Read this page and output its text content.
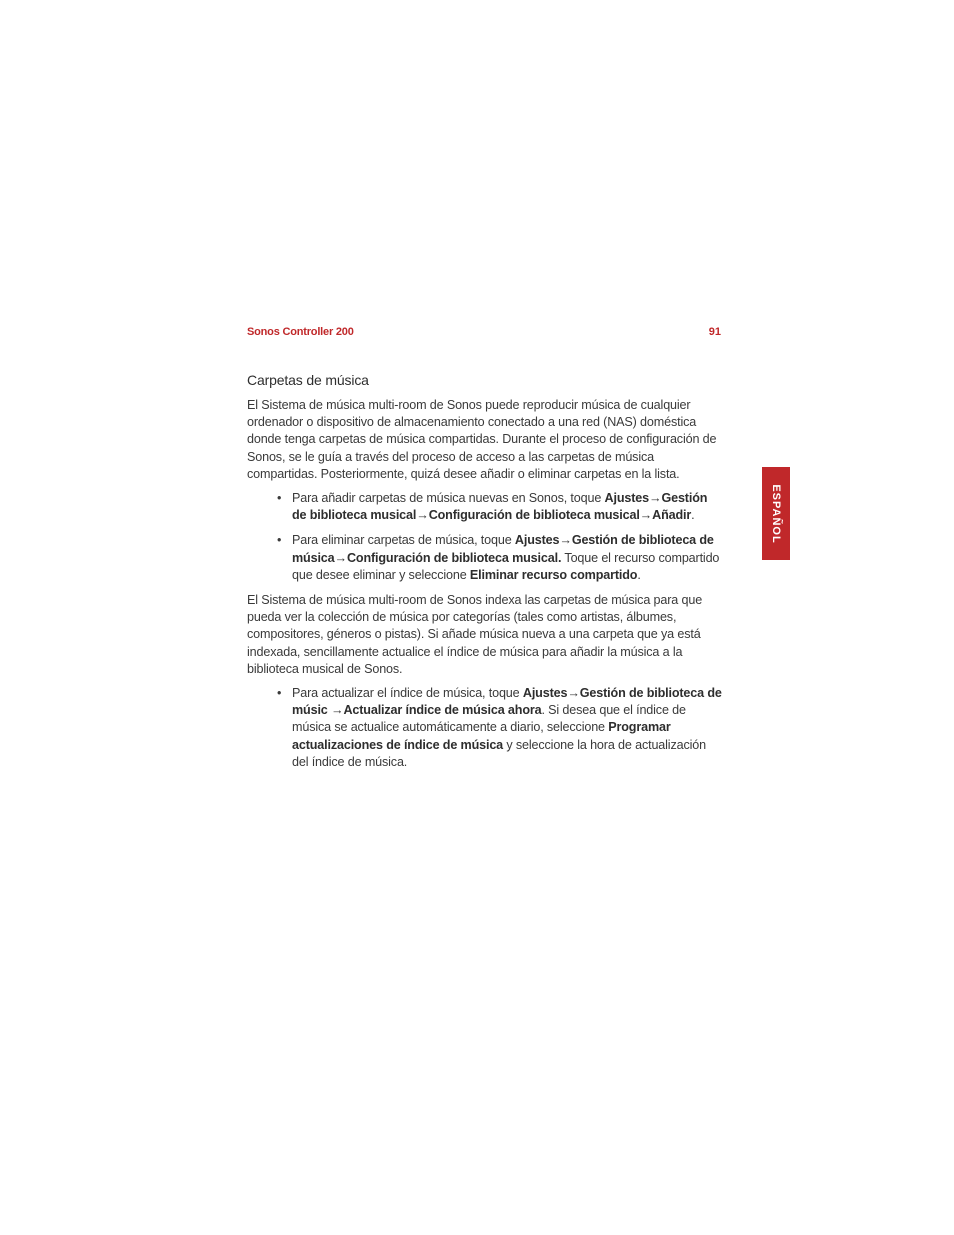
Sonos Controller 200	91
ESPAÑOL
Carpetas de música

El Sistema de música multi-room de Sonos puede reproducir música de cualquier ordenador o dispositivo de almacenamiento conectado a una red (NAS) doméstica donde tenga carpetas de música compartidas. Durante el proceso de configuración de Sonos, se le guía a través del proceso de acceso a las carpetas de música compartidas. Posteriormente, quizá desee añadir o eliminar carpetas en la lista.

• Para añadir carpetas de música nuevas en Sonos, toque Ajustes→Gestión de biblioteca musical→Configuración de biblioteca musical→Añadir.
• Para eliminar carpetas de música, toque Ajustes→Gestión de biblioteca de música→Configuración de biblioteca musical. Toque el recurso compartido que desee eliminar y seleccione Eliminar recurso compartido.

El Sistema de música multi-room de Sonos indexa las carpetas de música para que pueda ver la colección de música por categorías (tales como artistas, álbumes, compositores, géneros o pistas). Si añade música nueva a una carpeta que ya está indexada, sencillamente actualice el índice de música para añadir la música a la biblioteca musical de Sonos.

• Para actualizar el índice de música, toque Ajustes→Gestión de biblioteca de músic →Actualizar índice de música ahora. Si desea que el índice de música se actualice automáticamente a diario, seleccione Programar actualizaciones de índice de música y seleccione la hora de actualización del índice de música.
